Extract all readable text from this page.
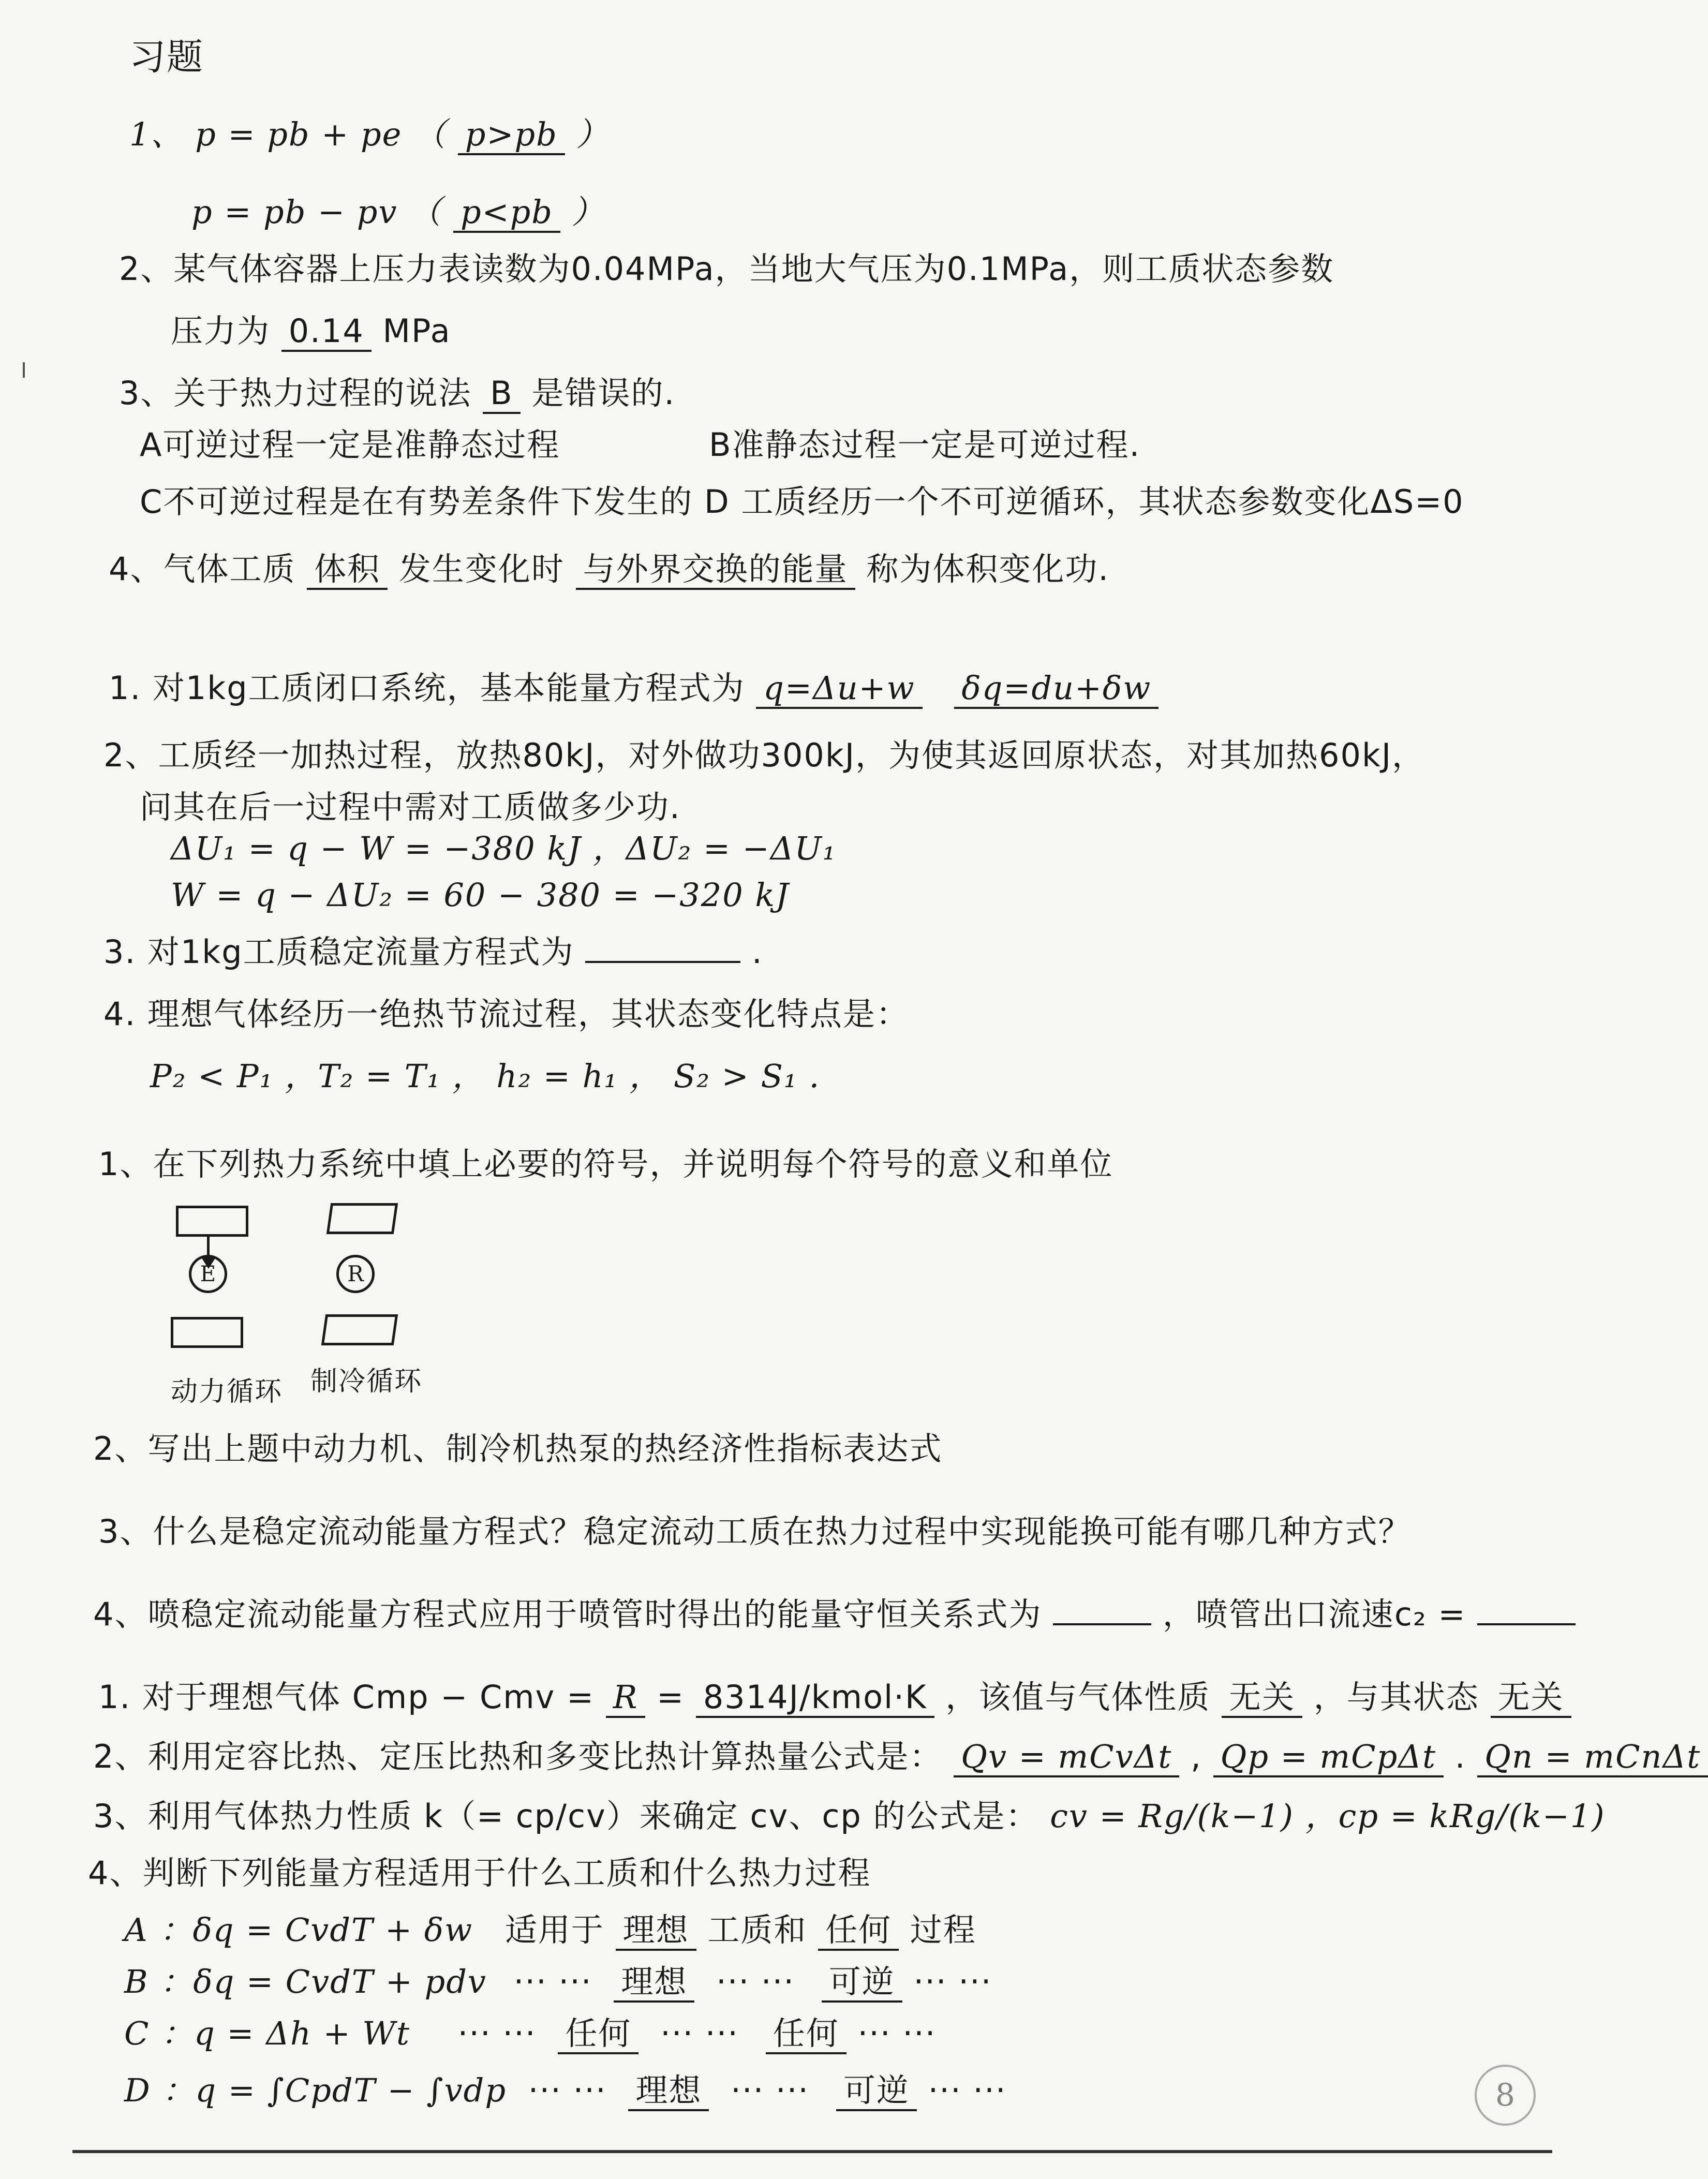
习题
1、 p = pb + pe （ p>pb ）
p = pb − pv （ p<pb ）
2、某气体容器上压力表读数为0.04MPa，当地大气压为0.1MPa，则工质状态参数
压力为 0.14 MPa
3、关于热力过程的说法 B 是错误的.
A可逆过程一定是准静态过程	B准静态过程一定是可逆过程.
C不可逆过程是在有势差条件下发生的 D 工质经历一个不可逆循环，其状态参数变化ΔS=0
4、气体工质 体积 发生变化时 与外界交换的能量 称为体积变化功.
1. 对1kg工质闭口系统，基本能量方程式为 q=Δu+w δq=du+δw
2、工质经一加热过程，放热80kJ，对外做功300kJ，为使其返回原状态，对其加热60kJ，
问其在后一过程中需对工质做多少功.
ΔU₁ = q − W = −380 kJ ，ΔU₂ = −ΔU₁
W = q − ΔU₂ = 60 − 380 = −320 kJ
3. 对1kg工质稳定流量方程式为	.
4. 理想气体经历一绝热节流过程，其状态变化特点是：
P₂ < P₁ ，T₂ = T₁ ， h₂ = h₁ ， S₂ > S₁ .
1、在下列热力系统中填上必要的符号，并说明每个符号的意义和单位
E	R
动力循环 制冷循环
2、写出上题中动力机、制冷机热泵的热经济性指标表达式
3、什么是稳定流动能量方程式？稳定流动工质在热力过程中实现能换可能有哪几种方式？
4、喷稳定流动能量方程式应用于喷管时得出的能量守恒关系式为	，喷管出口流速c₂ =
1. 对于理想气体 Cmp − Cmv = R = 8314J/kmol·K ，该值与气体性质 无关 ，与其状态 无关
2、利用定容比热、定压比热和多变比热计算热量公式是： Qv = mCvΔt , Qp = mCpΔt . Qn = mCnΔt
3、利用气体热力性质 k（= cp/cv）来确定 cv、cp 的公式是： cv = Rg/(k−1) ，cp = kRg/(k−1)
4、判断下列能量方程适用于什么工质和什么热力过程
A ：δq = CvdT + δw 适用于 理想 工质和 任何 过程
B ：δq = CvdT + pdv ··· ··· 理想 ··· ··· 可逆 ··· ···
C ：q = Δh + Wt ··· ··· 任何 ··· ··· 任何 ··· ···
D ：q = ∫CpdT − ∫vdp ··· ··· 理想 ··· ··· 可逆 ··· ···	8
